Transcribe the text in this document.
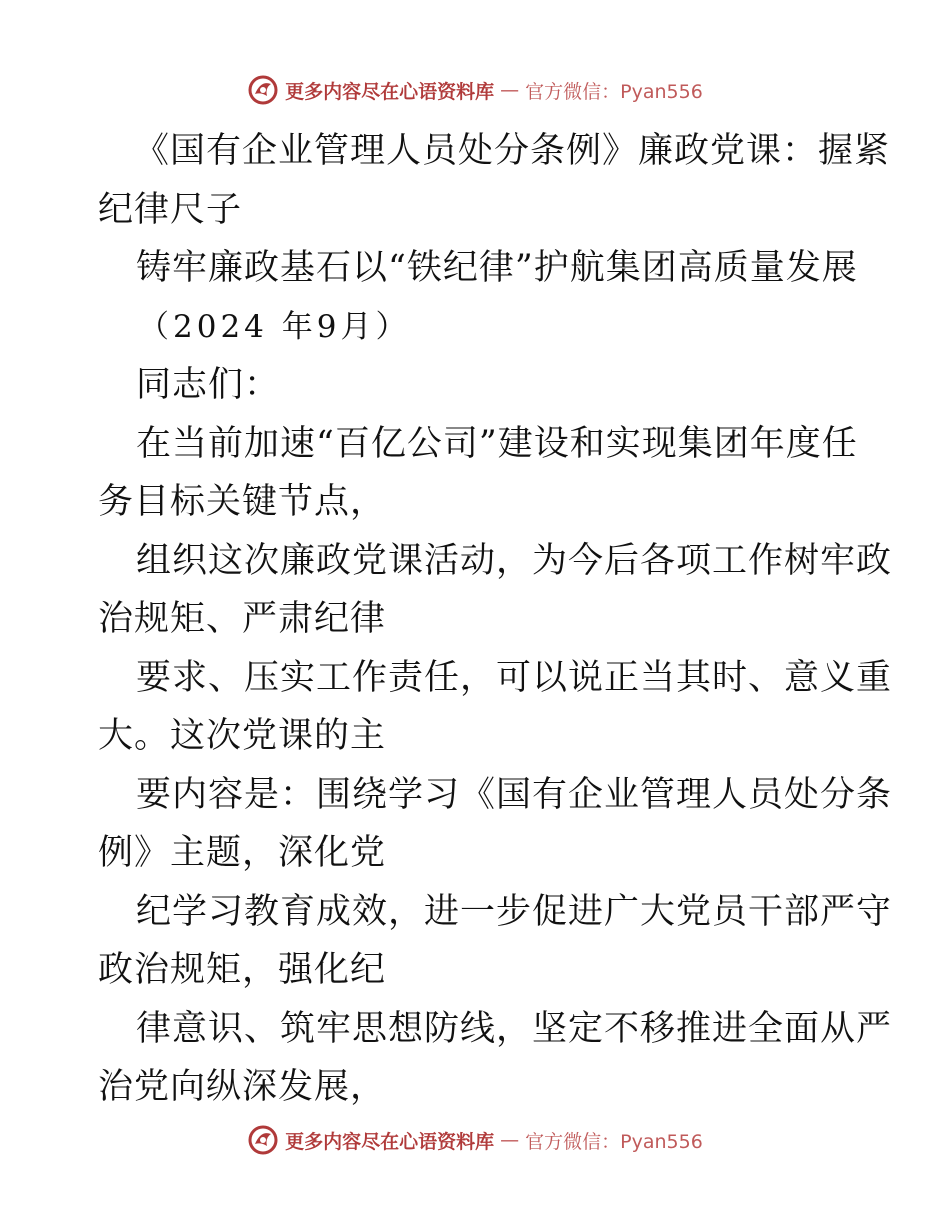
更多内容尽在心语资料库 — 官方微信：Pyan556
《国有企业管理人员处分条例》廉政党课：握紧
纪律尺子
铸牢廉政基石以“铁纪律”护航集团高质量发展
（2024 年9月）
同志们：
在当前加速“百亿公司”建设和实现集团年度任
务目标关键节点，
组织这次廉政党课活动，为今后各项工作树牢政
治规矩、严肃纪律
要求、压实工作责任，可以说正当其时、意义重
大。这次党课的主
要内容是：围绕学习《国有企业管理人员处分条
例》主题，深化党
纪学习教育成效，进一步促进广大党员干部严守
政治规矩，强化纪
律意识、筑牢思想防线，坚定不移推进全面从严
治党向纵深发展，
更多内容尽在心语资料库 — 官方微信：Pyan556
